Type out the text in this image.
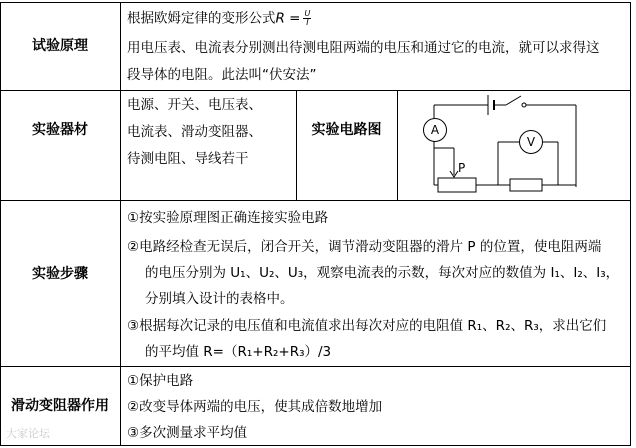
试验原理
根据欧姆定律的变形公式$R = \frac{U}{I}$
用电压表、电流表分别测出待测电阻两端的电压和通过它的电流，就可以求得这
段导体的电阻。此法叫“伏安法”
实验器材
电源、开关、电压表、
电流表、滑动变阻器、
待测电阻、导线若干
实验电路图	A
V
P
实验步骤
①按实验原理图正确连接实验电路
②电路经检查无误后，闭合开关，调节滑动变阻器的滑片 P 的位置，使电阻两端
的电压分别为 U₁、U₂、U₃，观察电流表的示数，每次对应的数值为 I₁、I₂、I₃，
分别填入设计的表格中。
③根据每次记录的电压值和电流值求出每次对应的电阻值 R₁、R₂、R₃，求出它们
的平均值 R=（R₁+R₂+R₃）/3
滑动变阻器作用
①保护电路
②改变导体两端的电压，使其成倍数地增加
③多次测量求平均值
大家论坛
